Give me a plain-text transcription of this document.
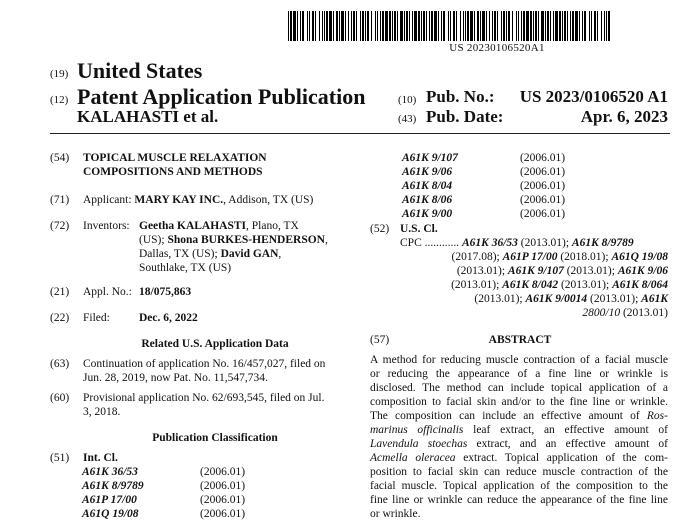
US 20230106520A1
(19) United States
(12) Patent Application Publication
KALAHASTI et al.
(10) Pub. No.:	US 2023/0106520 A1
(43) Pub. Date:	Apr. 6, 2023
(54)	TOPICAL MUSCLE RELAXATION
COMPOSITIONS AND METHODS
(71)	Applicant: MARY KAY INC., Addison, TX (US)
(72)	Inventors: Geetha KALAHASTI, Plano, TX
(US); Shona BURKES-HENDERSON,
Dallas, TX (US); David GAN,
Southlake, TX (US)
(21)	Appl. No.: 18/075,863
(22)	Filed:	Dec. 6, 2022
Related U.S. Application Data
(63)	Continuation of application No. 16/457,027, filed on
Jun. 28, 2019, now Pat. No. 11,547,734.
(60)	Provisional application No. 62/693,545, filed on Jul.
3, 2018.
Publication Classification
(51)	Int. Cl.
A61K 36/53	(2006.01)
A61K 8/9789	(2006.01)
A61P 17/00	(2006.01)
A61Q 19/08	(2006.01)
A61K 9/107	(2006.01)
A61K 9/06	(2006.01)
A61K 8/04	(2006.01)
A61K 8/06	(2006.01)
A61K 9/00	(2006.01)
(52) U.S. Cl.
CPC ............ A61K 36/53 (2013.01); A61K 8/9789
(2017.08); A61P 17/00 (2018.01); A61Q 19/08
(2013.01); A61K 9/107 (2013.01); A61K 9/06
(2013.01); A61K 8/042 (2013.01); A61K 8/064
(2013.01); A61K 9/0014 (2013.01); A61K
2800/10 (2013.01)
(57)	ABSTRACT
A method for reducing muscle contraction of a facial muscle
or reducing the appearance of a fine line or wrinkle is
disclosed. The method can include topical application of a
composition to facial skin and/or to the fine line or wrinkle.
The composition can include an effective amount of Ros-
marinus officinalis leaf extract, an effective amount of
Lavendula stoechas extract, and an effective amount of
Acmella oleracea extract. Topical application of the com-
position to facial skin can reduce muscle contraction of the
facial muscle. Topical application of the composition to the
fine line or wrinkle can reduce the appearance of the fine line
or wrinkle.
